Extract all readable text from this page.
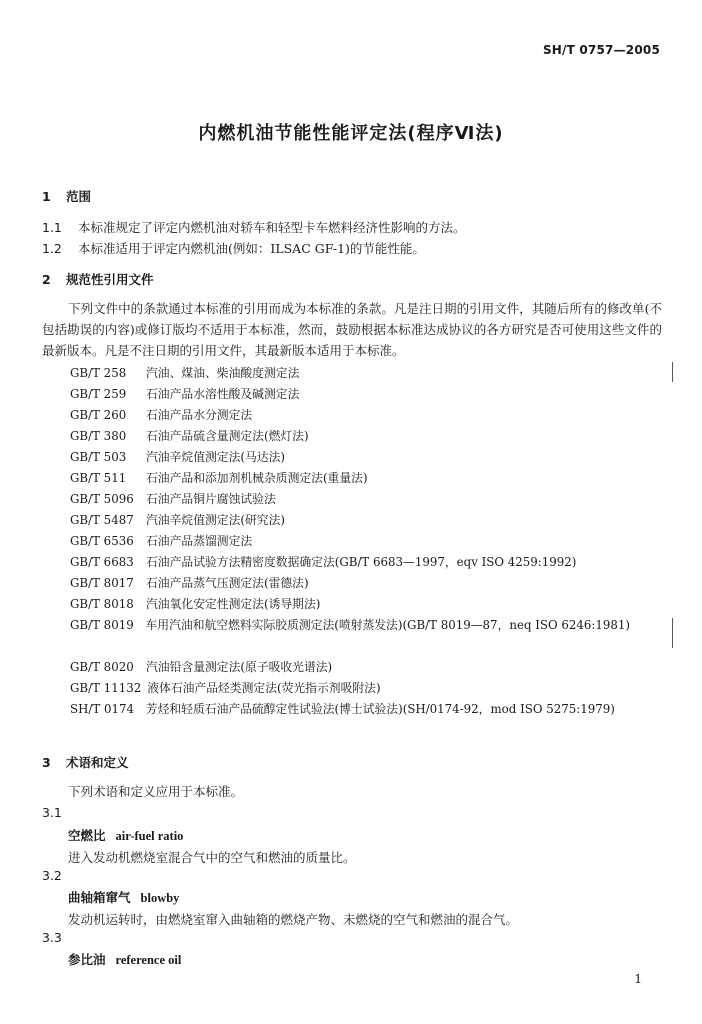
SH/T 0757—2005
内燃机油节能性能评定法(程序Ⅵ法)
1 范围
1.1 本标准规定了评定内燃机油对轿车和轻型卡车燃料经济性影响的方法。
1.2 本标准适用于评定内燃机油(例如：ILSAC GF-1)的节能性能。
2 规范性引用文件
下列文件中的条款通过本标准的引用而成为本标准的条款。凡是注日期的引用文件，其随后所有的修改单(不包括勘误的内容)或修订版均不适用于本标准，然而，鼓励根据本标准达成协议的各方研究是否可使用这些文件的最新版本。凡是不注日期的引用文件，其最新版本适用于本标准。
GB/T 258 汽油、煤油、柴油酸度测定法
GB/T 259 石油产品水溶性酸及碱测定法
GB/T 260 石油产品水分测定法
GB/T 380 石油产品硫含量测定法(燃灯法)
GB/T 503 汽油辛烷值测定法(马达法)
GB/T 511 石油产品和添加剂机械杂质测定法(重量法)
GB/T 5096 石油产品铜片腐蚀试验法
GB/T 5487 汽油辛烷值测定法(研究法)
GB/T 6536 石油产品蒸馏测定法
GB/T 6683 石油产品试验方法精密度数据确定法(GB/T 6683—1997，eqv ISO 4259:1992)
GB/T 8017 石油产品蒸气压测定法(雷德法)
GB/T 8018 汽油氧化安定性测定法(诱导期法)
GB/T 8019　车用汽油和航空燃料实际胶质测定法(喷射蒸发法)(GB/T 8019—87，neq ISO 6246:1981)
GB/T 8020 汽油铅含量测定法(原子吸收光谱法)
GB/T 11132 液体石油产品烃类测定法(荧光指示剂吸附法)
SH/T 0174　芳烃和轻质石油产品硫醇定性试验法(博士试验法)(SH/0174-92，mod ISO 5275:1979)
3 术语和定义
下列术语和定义应用于本标准。
3.1
空燃比 air-fuel ratio
进入发动机燃烧室混合气中的空气和燃油的质量比。
3.2
曲轴箱窜气 blowby
发动机运转时，由燃烧室窜入曲轴箱的燃烧产物、未燃烧的空气和燃油的混合气。
3.3
参比油 reference oil
1
